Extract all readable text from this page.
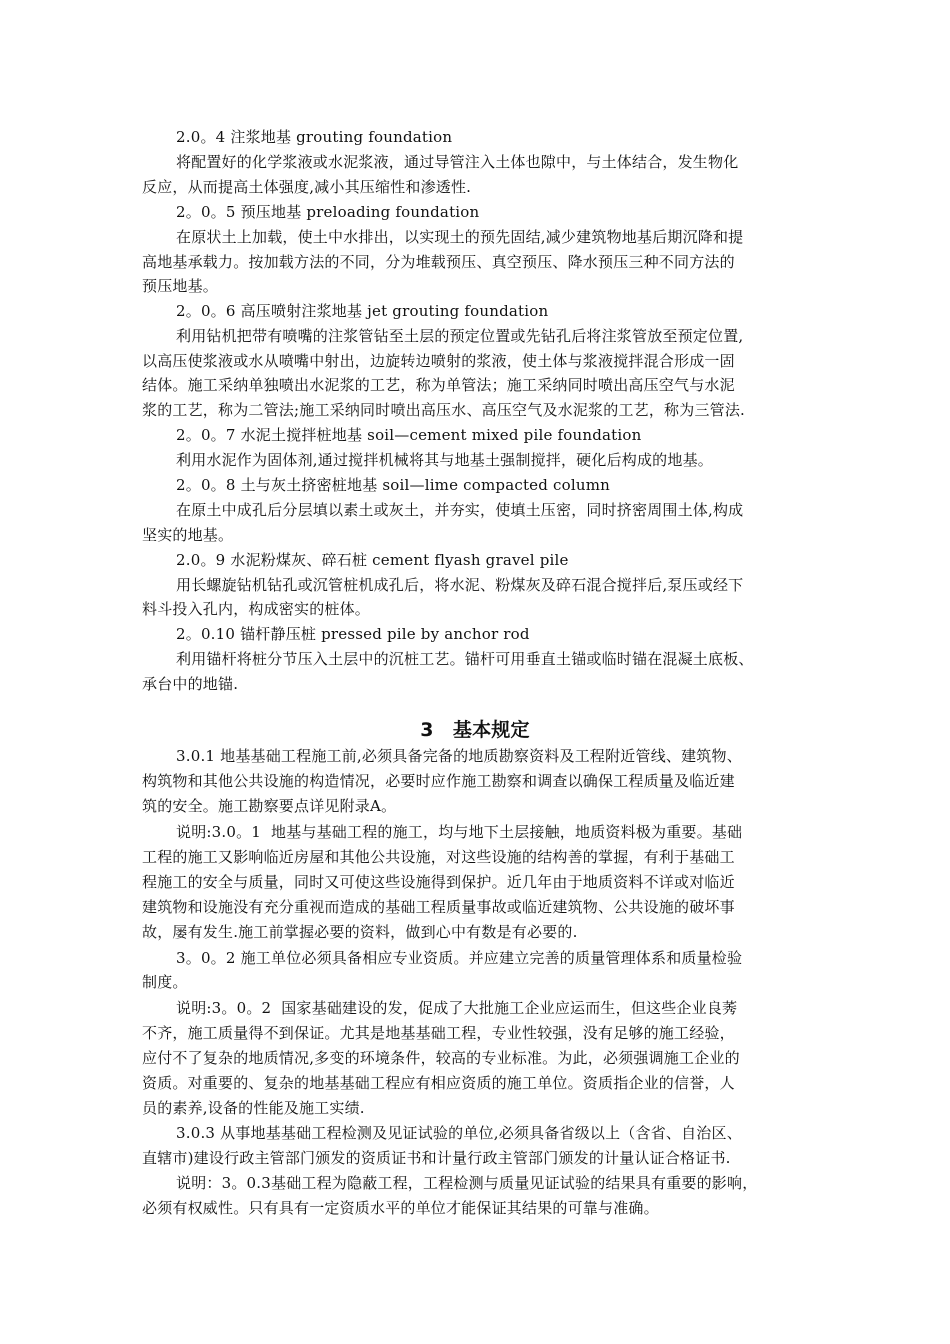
2.0。4 注浆地基 grouting foundation
将配置好的化学浆液或水泥浆液，通过导管注入土体也隙中，与土体结合，发生物化
反应，从而提高土体强度,减小其压缩性和渗透性.
2。0。5 预压地基 preloading foundation
在原状土上加载，使土中水排出，以实现土的预先固结,减少建筑物地基后期沉降和提
高地基承载力。按加载方法的不同，分为堆载预压、真空预压、降水预压三种不同方法的
预压地基。
2。0。6 高压喷射注浆地基 jet grouting foundation
利用钻机把带有喷嘴的注浆管钻至土层的预定位置或先钻孔后将注浆管放至预定位置,
以高压使浆液或水从喷嘴中射出，边旋转边喷射的浆液，使土体与浆液搅拌混合形成一固
结体。施工采纳单独喷出水泥浆的工艺，称为单管法；施工采纳同时喷出高压空气与水泥
浆的工艺，称为二管法;施工采纳同时喷出高压水、高压空气及水泥浆的工艺，称为三管法.
2。0。7 水泥土搅拌桩地基 soil—cement mixed pile foundation
利用水泥作为固体剂,通过搅拌机械将其与地基土强制搅拌，硬化后构成的地基。
2。0。8 土与灰土挤密桩地基 soil—lime compacted column
在原土中成孔后分层填以素土或灰土，并夯实，使填土压密，同时挤密周围土体,构成
坚实的地基。
2.0。9 水泥粉煤灰、碎石桩 cement flyash gravel pile
用长螺旋钻机钻孔或沉管桩机成孔后，将水泥、粉煤灰及碎石混合搅拌后,泵压或经下
料斗投入孔内，构成密实的桩体。
2。0.10 锚杆静压桩 pressed pile by anchor rod
利用锚杆将桩分节压入土层中的沉桩工艺。锚杆可用垂直土锚或临时锚在混凝土底板、
承台中的地锚.
3　基本规定
3.0.1 地基基础工程施工前,必须具备完备的地质勘察资料及工程附近管线、建筑物、
构筑物和其他公共设施的构造情况，必要时应作施工勘察和调查以确保工程质量及临近建
筑的安全。施工勘察要点详见附录A。
说明:3.0。1  地基与基础工程的施工，均与地下土层接触，地质资料极为重要。基础
工程的施工又影响临近房屋和其他公共设施，对这些设施的结构善的掌握，有利于基础工
程施工的安全与质量，同时又可使这些设施得到保护。近几年由于地质资料不详或对临近
建筑物和设施没有充分重视而造成的基础工程质量事故或临近建筑物、公共设施的破坏事
故，屡有发生.施工前掌握必要的资料，做到心中有数是有必要的.
3。0。2 施工单位必须具备相应专业资质。并应建立完善的质量管理体系和质量检验
制度。
说明:3。0。2  国家基础建设的发，促成了大批施工企业应运而生，但这些企业良莠
不齐，施工质量得不到保证。尤其是地基基础工程，专业性较强，没有足够的施工经验，
应付不了复杂的地质情况,多变的环境条件，较高的专业标准。为此，必须强调施工企业的
资质。对重要的、复杂的地基基础工程应有相应资质的施工单位。资质指企业的信誉，人
员的素养,设备的性能及施工实绩.
3.0.3 从事地基基础工程检测及见证试验的单位,必须具备省级以上（含省、自治区、
直辖市)建设行政主管部门颁发的资质证书和计量行政主管部门颁发的计量认证合格证书.
说明：3。0.3基础工程为隐蔽工程，工程检测与质量见证试验的结果具有重要的影响，
必须有权威性。只有具有一定资质水平的单位才能保证其结果的可靠与准确。
